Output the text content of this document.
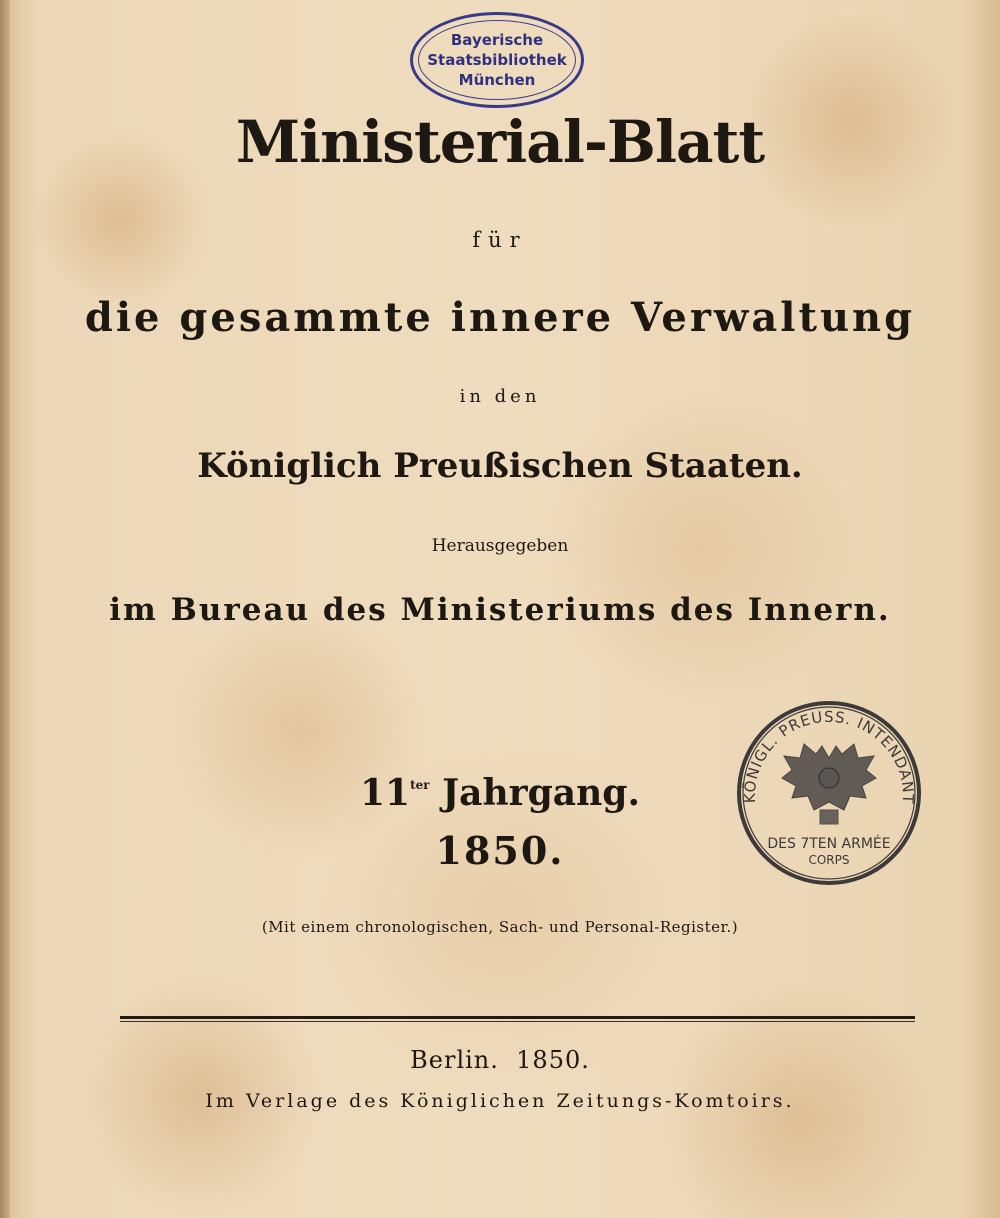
Bayerische
Staatsbibliothek
München
Ministerial-Blatt
für
die gesammte innere Verwaltung
in den
Königlich Preußischen Staaten.
Herausgegeben
im Bureau des Ministeriums des Innern.
$11^{ter}$ Jahrgang.
1850.
(Mit einem chronologischen, Sach- und Personal-Register.)
KÖNIGL. PREUSS. INTENDANT
DES 7TEN ARMÉE
CORPS
Berlin.  1850.
Im Verlage des Königlichen Zeitungs-Komtoirs.
